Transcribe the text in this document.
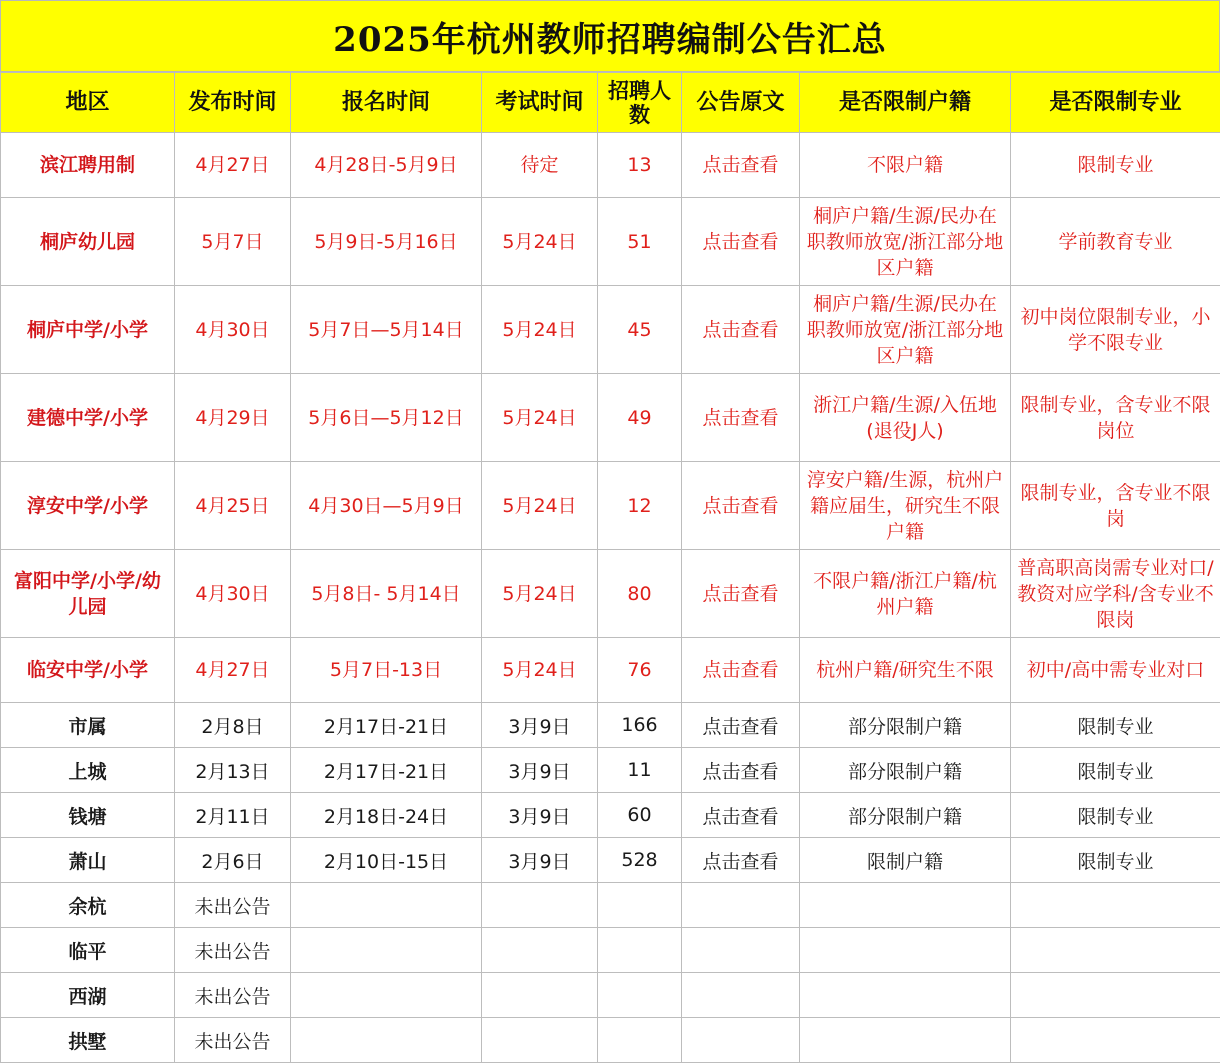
2025年杭州教师招聘编制公告汇总
地区	发布时间	报名时间	考试时间	招聘人数	公告原文	是否限制户籍	是否限制专业
滨江聘用制	4月27日	4月28日-5月9日	待定	13	点击查看	不限户籍	限制专业
桐庐幼儿园	5月7日	5月9日-5月16日	5月24日	51	点击查看	桐庐户籍/生源/民办在职教师放宽/浙江部分地区户籍	学前教育专业
桐庐中学/小学	4月30日	5月7日—5月14日	5月24日	45	点击查看	桐庐户籍/生源/民办在职教师放宽/浙江部分地区户籍	初中岗位限制专业，小学不限专业
建德中学/小学	4月29日	5月6日—5月12日	5月24日	49	点击查看	浙江户籍/生源/入伍地(退役J人)	限制专业，含专业不限岗位
淳安中学/小学	4月25日	4月30日—5月9日	5月24日	12	点击查看	淳安户籍/生源，杭州户籍应届生，研究生不限户籍	限制专业，含专业不限岗
富阳中学/小学/幼儿园	4月30日	5月8日- 5月14日	5月24日	80	点击查看	不限户籍/浙江户籍/杭州户籍	普高职高岗需专业对口/教资对应学科/含专业不限岗
临安中学/小学	4月27日	5月7日-13日	5月24日	76	点击查看	杭州户籍/研究生不限	初中/高中需专业对口
市属	2月8日	2月17日-21日	3月9日	166	点击查看	部分限制户籍	限制专业
上城	2月13日	2月17日-21日	3月9日	11	点击查看	部分限制户籍	限制专业
钱塘	2月11日	2月18日-24日	3月9日	60	点击查看	部分限制户籍	限制专业
萧山	2月6日	2月10日-15日	3月9日	528	点击查看	限制户籍	限制专业
余杭	未出公告						
临平	未出公告						
西湖	未出公告						
拱墅	未出公告						
